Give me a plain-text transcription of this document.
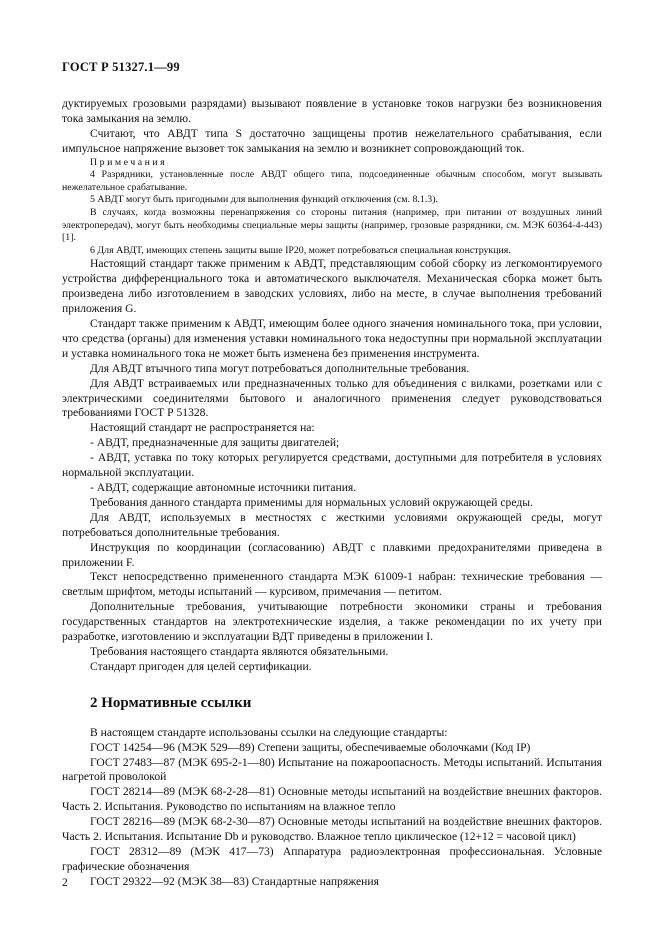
ГОСТ Р 51327.1—99

дуктируемых грозовыми разрядами) вызывают появление в установке токов нагрузки без возникновения тока замыкания на землю.

Считают, что АВДТ типа S достаточно защищены против нежелательного срабатывания, если импульсное напряжение вызовет ток замыкания на землю и возникнет сопровождающий ток.

Примечания

4 Разрядники, установленные после АВДТ общего типа, подсоединенные обычным способом, могут вызывать нежелательное срабатывание.

5 АВДТ могут быть пригодными для выполнения функций отключения (см. 8.1.3).

В случаях, когда возможны перенапряжения со стороны питания (например, при питании от воздушных линий электропередач), могут быть необходимы специальные меры защиты (например, грозовые разрядники, см. МЭК 60364-4-443) [1].

6 Для АВДТ, имеющих степень защиты выше IP20, может потребоваться специальная конструкция.

Настоящий стандарт также применим к АВДТ, представляющим собой сборку из легкомонтируемого устройства дифференциального тока и автоматического выключателя. Механическая сборка может быть произведена либо изготовлением в заводских условиях, либо на месте, в случае выполнения требований приложения G.

Стандарт также применим к АВДТ, имеющим более одного значения номинального тока, при условии, что средства (органы) для изменения уставки номинального тока недоступны при нормальной эксплуатации и уставка номинального тока не может быть изменена без применения инструмента.

Для АВДТ втычного типа могут потребоваться дополнительные требования.

Для АВДТ встраиваемых или предназначенных только для объединения с вилками, розетками или с электрическими соединителями бытового и аналогичного применения следует руководствоваться требованиями ГОСТ Р 51328.

Настоящий стандарт не распространяется на:

- АВДТ, предназначенные для защиты двигателей;

- АВДТ, уставка по току которых регулируется средствами, доступными для потребителя в условиях нормальной эксплуатации.

- АВДТ, содержащие автономные источники питания.

Требования данного стандарта применимы для нормальных условий окружающей среды.

Для АВДТ, используемых в местностях с жесткими условиями окружающей среды, могут потребоваться дополнительные требования.

Инструкция по координации (согласованию) АВДТ с плавкими предохранителями приведена в приложении F.

Текст непосредственно примененного стандарта МЭК 61009-1 набран: технические требования — светлым шрифтом, методы испытаний — курсивом, примечания — петитом.

Дополнительные требования, учитывающие потребности экономики страны и требования государственных стандартов на электротехнические изделия, а также рекомендации по их учету при разработке, изготовлению и эксплуатации ВДТ приведены в приложении I.

Требования настоящего стандарта являются обязательными.

Стандарт пригоден для целей сертификации.

2 Нормативные ссылки

В настоящем стандарте использованы ссылки на следующие стандарты:

ГОСТ 14254—96 (МЭК 529—89) Степени защиты, обеспечиваемые оболочками (Код IP)

ГОСТ 27483—87 (МЭК 695-2-1—80) Испытание на пожароопасность. Методы испытаний. Испытания нагретой проволокой

ГОСТ 28214—89 (МЭК 68-2-28—81) Основные методы испытаний на воздействие внешних факторов. Часть 2. Испытания. Руководство по испытаниям на влажное тепло

ГОСТ 28216—89 (МЭК 68-2-30—87) Основные методы испытаний на воздействие внешних факторов. Часть 2. Испытания. Испытание Db и руководство. Влажное тепло циклическое (12+12 = часовой цикл)

ГОСТ 28312—89 (МЭК 417—73) Аппаратура радиоэлектронная профессиональная. Условные графические обозначения

ГОСТ 29322—92 (МЭК 38—83) Стандартные напряжения

2
